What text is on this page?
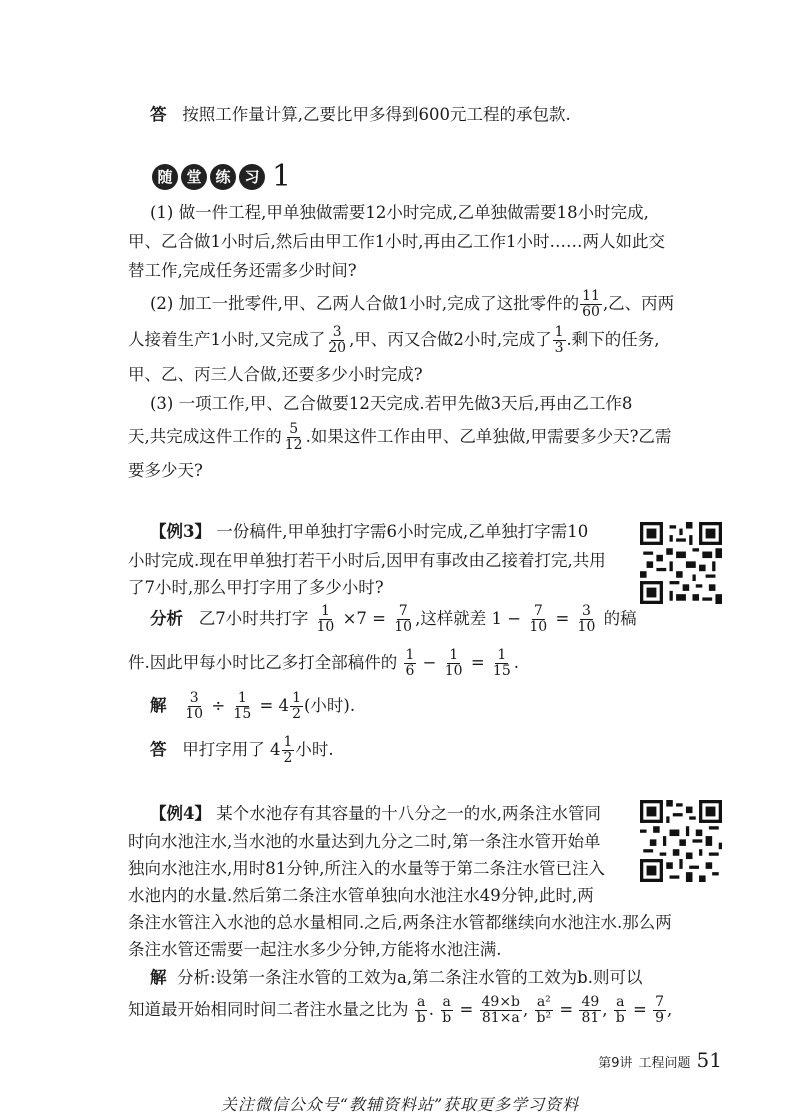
答 按照工作量计算,乙要比甲多得到600元工程的承包款.
随 堂 练 习 1
(1) 做一件工程,甲单独做需要12小时完成,乙单独做需要18小时完成,
甲、乙合做1小时后,然后由甲工作1小时,再由乙工作1小时……两人如此交
替工作,完成任务还需多少时间?
(2) 加工一批零件,甲、乙两人合做1小时,完成了这批零件的 $\frac{11}{60}$ ,乙、丙两
人接着生产1小时,又完成了 $\frac{3}{20}$ ,甲、丙又合做2小时,完成了 $\frac{1}{3}$ .剩下的任务,
甲、乙、丙三人合做,还要多少小时完成?
(3) 一项工作,甲、乙合做要12天完成.若甲先做3天后,再由乙工作8
天,共完成这件工作的 $\frac{5}{12}$ .如果这件工作由甲、乙单独做,甲需要多少天?乙需
要多少天?
【例3】 一份稿件,甲单独打字需6小时完成,乙单独打字需10
小时完成.现在甲单独打若干小时后,因甲有事改由乙接着打完,共用
了7小时,那么甲打字用了多少小时?
分析 乙7小时共打字 $\frac{1}{10} \times 7 = \frac{7}{10}$ ,这样就差 $1 - \frac{7}{10} = \frac{3}{10}$ 的稿
件.因此甲每小时比乙多打全部稿件的 $\frac{1}{6} - \frac{1}{10} = \frac{1}{15}$ .
解 $\frac{3}{10} \div \frac{1}{15} = 4 \frac{1}{2}$ (小时).
答 甲打字用了 $4 \frac{1}{2}$ 小时.
【例4】 某个水池存有其容量的十八分之一的水,两条注水管同
时向水池注水,当水池的水量达到九分之二时,第一条注水管开始单
独向水池注水,用时81分钟,所注入的水量等于第二条注水管已注入
水池内的水量.然后第二条注水管单独向水池注水49分钟,此时,两
条注水管注入水池的总水量相同.之后,两条注水管都继续向水池注水.那么两
条注水管还需要一起注水多少分钟,方能将水池注满.
解 分析:设第一条注水管的工效为a,第二条注水管的工效为b.则可以
知道最开始相同时间二者注水量之比为 $\frac{a}{b}$ . $\frac{a}{b} = \frac{49\times b}{81\times a}$ , $\frac{\text{a²}}{\text{b²}} = \frac{49}{81}$ , $\frac{a}{b} = \frac{7}{9}$ ,
第9讲 工程问题 51
关注微信公众号“教辅资料站”获取更多学习资料
